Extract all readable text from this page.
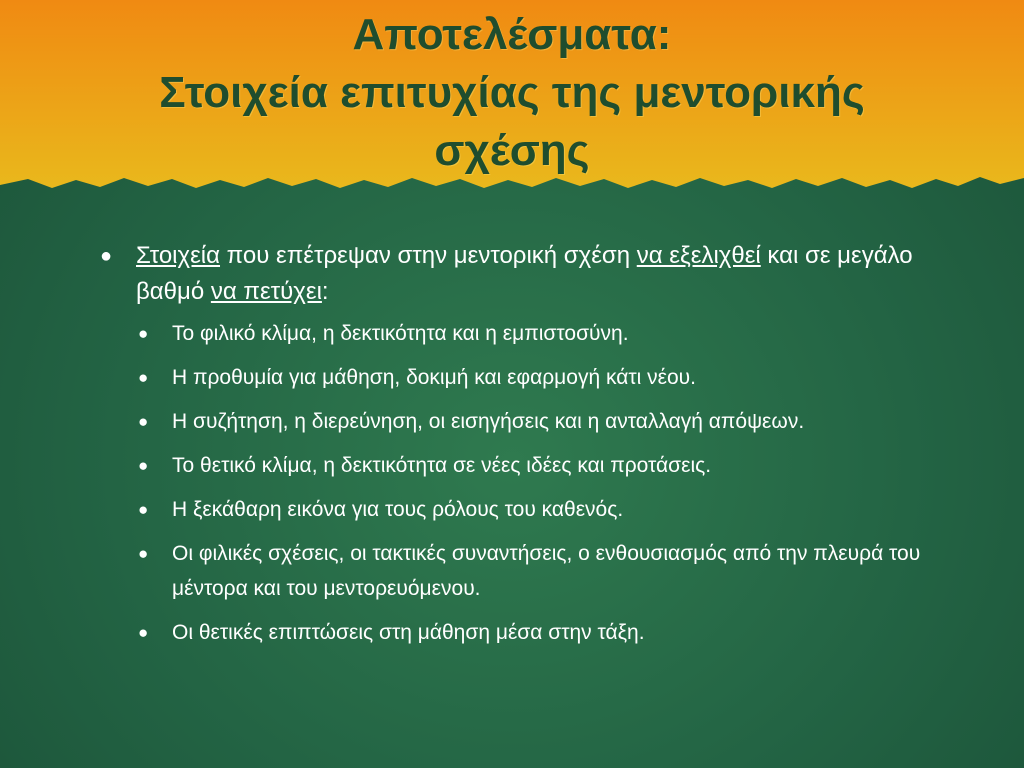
Αποτελέσματα:
Στοιχεία επιτυχίας της μεντορικής
σχέσης
● Στοιχεία που επέτρεψαν στην μεντορική σχέση να εξελιχθεί και σε μεγάλο βαθμό να πετύχει:
● Το φιλικό κλίμα, η δεκτικότητα και η εμπιστοσύνη.
● Η προθυμία για μάθηση, δοκιμή και εφαρμογή κάτι νέου.
● Η συζήτηση, η διερεύνηση, οι εισηγήσεις και η ανταλλαγή απόψεων.
● Το θετικό κλίμα, η δεκτικότητα σε νέες ιδέες και προτάσεις.
● Η ξεκάθαρη εικόνα για τους ρόλους του καθενός.
● Οι φιλικές σχέσεις, οι τακτικές συναντήσεις, ο ενθουσιασμός από την πλευρά του μέντορα και του μεντορευόμενου.
● Οι θετικές επιπτώσεις στη μάθηση μέσα στην τάξη.
